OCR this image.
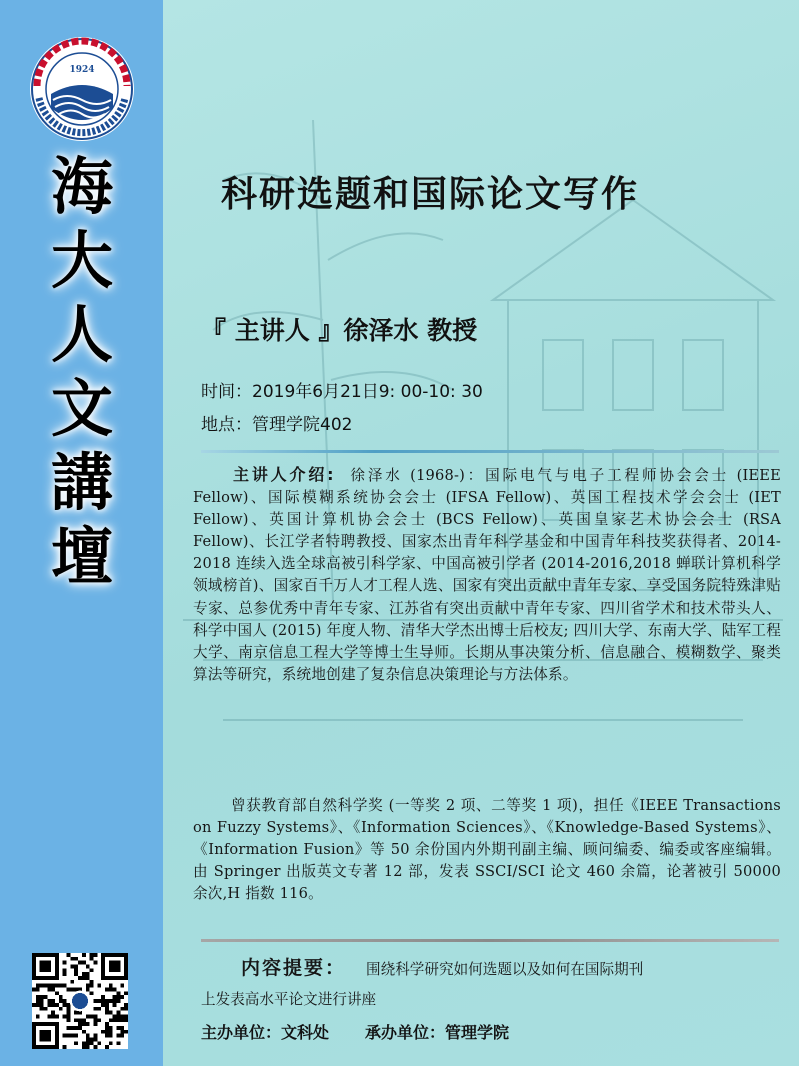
1924
海
大
人
文
講
壇
科研选题和国际论文写作
『 主讲人 』徐泽水 教授
时间：2019年6月21日9: 00-10: 30
地点：管理学院402
主讲人介绍: 徐泽水 (1968-)：国际电气与电子工程师协会会士 (IEEE Fellow)、国际模糊系统协会会士 (IFSA Fellow)、英国工程技术学会会士 (IET Fellow)、英国计算机协会会士 (BCS Fellow)、英国皇家艺术协会会士 (RSA Fellow)、长江学者特聘教授、国家杰出青年科学基金和中国青年科技奖获得者、2014-2018 连续入选全球高被引科学家、中国高被引学者 (2014-2016,2018 蝉联计算机科学领域榜首)、国家百千万人才工程人选、国家有突出贡献中青年专家、享受国务院特殊津贴专家、总参优秀中青年专家、江苏省有突出贡献中青年专家、四川省学术和技术带头人、科学中国人 (2015) 年度人物、清华大学杰出博士后校友; 四川大学、东南大学、陆军工程大学、南京信息工程大学等博士生导师。长期从事决策分析、信息融合、模糊数学、聚类算法等研究，系统地创建了复杂信息决策理论与方法体系。
曾获教育部自然科学奖 (一等奖 2 项、二等奖 1 项)，担任《IEEE Transactions on Fuzzy Systems》、《Information Sciences》、《Knowledge-Based Systems》、《Information Fusion》等 50 余份国内外期刊副主编、顾问编委、编委或客座编辑。由 Springer 出版英文专著 12 部，发表 SSCI/SCI 论文 460 余篇，论著被引 50000 余次,H 指数 116。
内容提要： 围绕科学研究如何选题以及如何在国际期刊
上发表高水平论文进行讲座
主办单位：文科处 承办单位：管理学院
